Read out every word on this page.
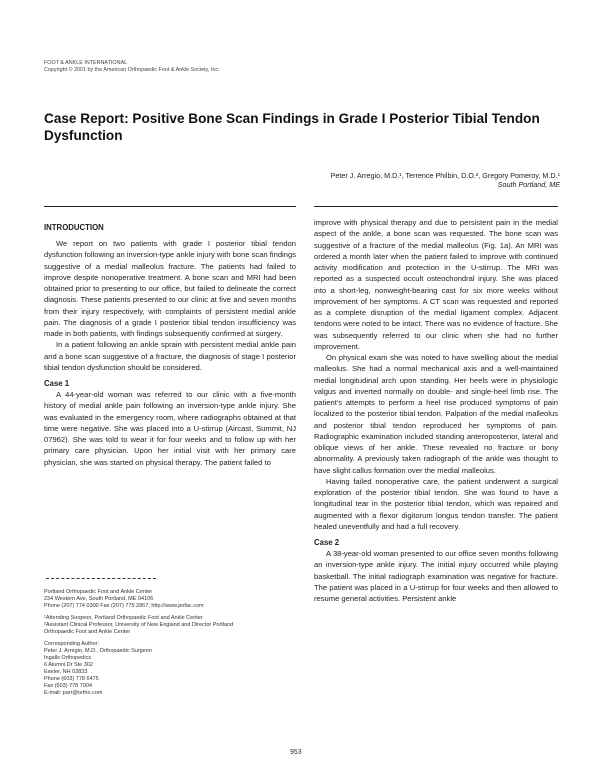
FOOT & ANKLE INTERNATIONAL
Copyright © 2001 by the American Orthopaedic Foot & Ankle Society, Inc.
Case Report: Positive Bone Scan Findings in Grade I Posterior Tibial Tendon Dysfunction
Peter J. Arregio, M.D.¹, Terrence Philbin, D.O.², Gregory Pomeroy, M.D.¹
South Portland, ME
INTRODUCTION

We report on two patients with grade I posterior tibial tendon dysfunction following an inversion-type ankle injury with bone scan findings suggestive of a medial malleolus fracture. The patients had failed to improve despite nonoperative treatment. A bone scan and MRI had been obtained prior to presenting to our office, but failed to delineate the correct diagnosis. These patients presented to our clinic at five and seven months from their injury respectively, with complaints of persistent medial ankle pain. The diagnosis of a grade I posterior tibial tendon insufficiency was made in both patients, with findings subsequently confirmed at surgery.

In a patient following an ankle sprain with persistent medial ankle pain and a bone scan suggestive of a fracture, the diagnosis of stage I posterior tibial tendon dysfunction should be considered.

Case 1

A 44-year-old woman was referred to our clinic with a five-month history of medial ankle pain following an inversion-type ankle injury. She was evaluated in the emergency room, where radiographs obtained at that time were negative. She was placed into a U-stirrup (Aircast, Summit, NJ 07962). She was told to wear it for four weeks and to follow up with her primary care physician. Upon her initial visit with her primary care physician, she was started on physical therapy. The patient failed to

Portland Orthopaedic Foot and Ankle Center
234 Western Ave, South Portland, ME 04106
Phone (207) 774 0300 Fax (207) 775 2867; http://www.pofac.com
¹Attending Surgeon, Portland Orthopaedic Foot and Ankle Center
²Assistant Clinical Professor, University of New England and Director Portland
Orthopaedic Foot and Ankle Center
Corresponding Author:
Peter J. Arregio, M.D., Orthopaedic Surgeon
Ingalls Orthopedics
6 Alumni Dr Ste 302
Exeter, NH 03833
Phone (603) 778 6475
Fax (603) 778 7004
E-mail: parr@ortho.com

improve with physical therapy and due to persistent pain in the medial aspect of the ankle, a bone scan was requested. The bone scan was suggestive of a fracture of the medial malleolus (Fig. 1a). An MRI was ordered a month later when the patient failed to improve with continued activity modification and protection in the U-stirrup. The MRI was reported as a suspected occult osteochondral injury. She was placed into a short-leg, nonweight-bearing cast for six more weeks without improvement of her symptoms. A CT scan was requested and reported as a complete disruption of the medial ligament complex. Adjacent tendons were noted to be intact. There was no evidence of fracture. She was subsequently referred to our clinic when she had no further improvement.

On physical exam she was noted to have swelling about the medial malleolus. She had a normal mechanical axis and a well-maintained medial longitudinal arch upon standing. Her heels were in physiologic valgus and inverted normally on double- and single-heel limb rise. The patient's attempts to perform a heel rise produced symptoms of pain localized to the posterior tibial tendon. Palpation of the medial malleolus and posterior tibial tendon reproduced her symptoms of pain. Radiographic examination included standing anteroposterior, lateral and oblique views of her ankle. These revealed no fracture or bony abnormality. A previously taken radiograph of the ankle was thought to have slight callus formation over the medial malleolus.

Having failed nonoperative care, the patient underwent a surgical exploration of the posterior tibial tendon. She was found to have a longitudinal tear in the posterior tibial tendon, which was repaired and augmented with a flexor digitorum longus tendon transfer. The patient healed uneventfully and had a full recovery.

Case 2

A 38-year-old woman presented to our office seven months following an inversion-type ankle injury. The initial injury occurred while playing basketball. The initial radiograph examination was negative for fracture. The patient was placed in a U-stirrup for four weeks and then allowed to resume general activities. Persistent ankle

953
